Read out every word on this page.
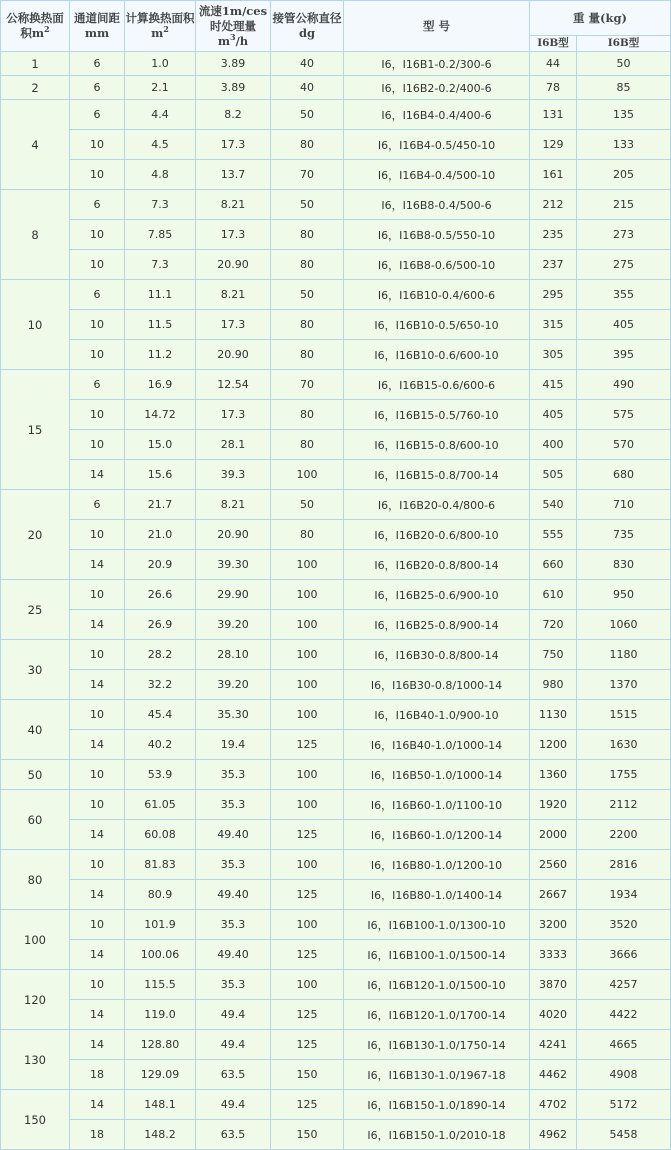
公称换热面积$m^2$	通道间距mm	计算换热面积$m^2$	流速1m/ces时处理量$m^3/h$	接管公称直径dg	型 号	重 量(kg)	
						Ⅰ6B型	Ⅰ6B型
1	6	1.0	3.89	40	Ⅰ6，Ⅰ16B1-0.2/300-6	44	50
2	6	2.1	3.89	40	Ⅰ6，Ⅰ16B2-0.2/400-6	78	85
4	6	4.4	8.2	50	Ⅰ6，Ⅰ16B4-0.4/400-6	131	135
	10	4.5	17.3	80	Ⅰ6，Ⅰ16B4-0.5/450-10	129	133
	10	4.8	13.7	70	Ⅰ6，Ⅰ16B4-0.4/500-10	161	205
8	6	7.3	8.21	50	Ⅰ6，Ⅰ16B8-0.4/500-6	212	215
	10	7.85	17.3	80	Ⅰ6，Ⅰ16B8-0.5/550-10	235	273
	10	7.3	20.90	80	Ⅰ6，Ⅰ16B8-0.6/500-10	237	275
10	6	11.1	8.21	50	Ⅰ6，Ⅰ16B10-0.4/600-6	295	355
	10	11.5	17.3	80	Ⅰ6，Ⅰ16B10-0.5/650-10	315	405
	10	11.2	20.90	80	Ⅰ6，Ⅰ16B10-0.6/600-10	305	395
15	6	16.9	12.54	70	Ⅰ6，Ⅰ16B15-0.6/600-6	415	490
	10	14.72	17.3	80	Ⅰ6，Ⅰ16B15-0.5/760-10	405	575
	10	15.0	28.1	80	Ⅰ6，Ⅰ16B15-0.8/600-10	400	570
	14	15.6	39.3	100	Ⅰ6，Ⅰ16B15-0.8/700-14	505	680
20	6	21.7	8.21	50	Ⅰ6，Ⅰ16B20-0.4/800-6	540	710
	10	21.0	20.90	80	Ⅰ6，Ⅰ16B20-0.6/800-10	555	735
	14	20.9	39.30	100	Ⅰ6，Ⅰ16B20-0.8/800-14	660	830
25	10	26.6	29.90	100	Ⅰ6，Ⅰ16B25-0.6/900-10	610	950
	14	26.9	39.20	100	Ⅰ6，Ⅰ16B25-0.8/900-14	720	1060
30	10	28.2	28.10	100	Ⅰ6，Ⅰ16B30-0.8/800-14	750	1180
	14	32.2	39.20	100	Ⅰ6，Ⅰ16B30-0.8/1000-14	980	1370
40	10	45.4	35.30	100	Ⅰ6，Ⅰ16B40-1.0/900-10	1130	1515
	14	40.2	19.4	125	Ⅰ6，Ⅰ16B40-1.0/1000-14	1200	1630
50	10	53.9	35.3	100	Ⅰ6，Ⅰ16B50-1.0/1000-14	1360	1755
60	10	61.05	35.3	100	Ⅰ6，Ⅰ16B60-1.0/1100-10	1920	2112
	14	60.08	49.40	125	Ⅰ6，Ⅰ16B60-1.0/1200-14	2000	2200
80	10	81.83	35.3	100	Ⅰ6，Ⅰ16B80-1.0/1200-10	2560	2816
	14	80.9	49.40	125	Ⅰ6，Ⅰ16B80-1.0/1400-14	2667	1934
100	10	101.9	35.3	100	Ⅰ6，Ⅰ16B100-1.0/1300-10	3200	3520
	14	100.06	49.40	125	Ⅰ6，Ⅰ16B100-1.0/1500-14	3333	3666
120	10	115.5	35.3	100	Ⅰ6，Ⅰ16B120-1.0/1500-10	3870	4257
	14	119.0	49.4	125	Ⅰ6，Ⅰ16B120-1.0/1700-14	4020	4422
130	14	128.80	49.4	125	Ⅰ6，Ⅰ16B130-1.0/1750-14	4241	4665
	18	129.09	63.5	150	Ⅰ6，Ⅰ16B130-1.0/1967-18	4462	4908
150	14	148.1	49.4	125	Ⅰ6，Ⅰ16B150-1.0/1890-14	4702	5172
	18	148.2	63.5	150	Ⅰ6，Ⅰ16B150-1.0/2010-18	4962	5458
